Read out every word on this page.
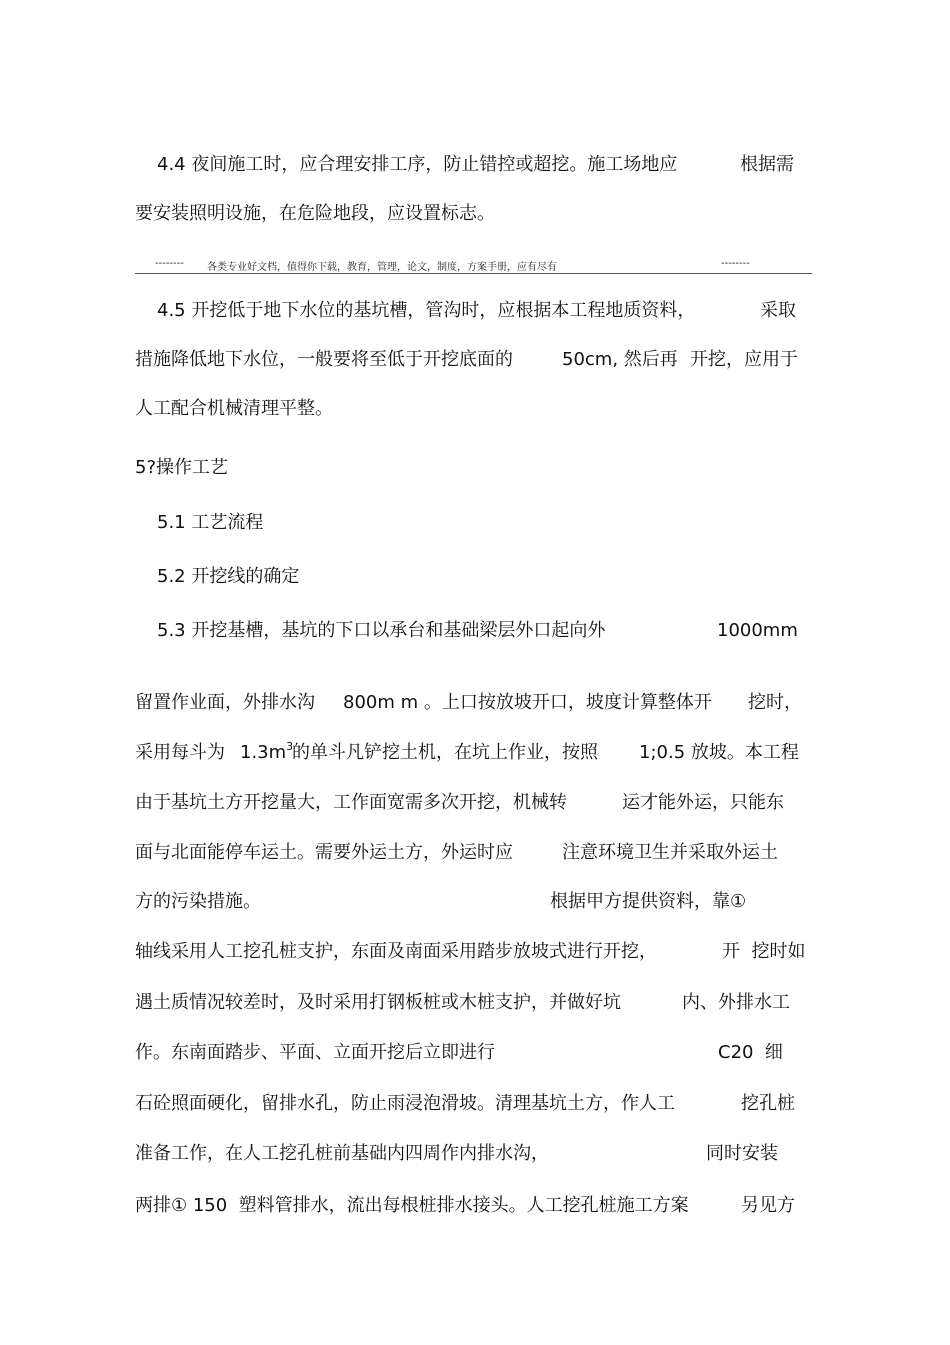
4.4 夜间施工时，应合理安排工序，防止错控或超挖。施工场地应	根据需
要安装照明设施，在危险地段，应设置标志。
-------- 各类专业好文档，值得你下载，教育，管理，论文，制度，方案手册，应有尽有	--------
4.5 开挖低于地下水位的基坑槽，管沟时，应根据本工程地质资料，	采取
措施降低地下水位，一般要将至低于开挖底面的	50cm, 然后再 开挖，应用于
人工配合机械清理平整。
5?操作工艺
5.1 工艺流程
5.2 开挖线的确定
5.3 开挖基槽，基坑的下口以承台和基础梁层外口起向外	1000mm
留置作业面，外排水沟 800m m 。上口按放坡开口，坡度计算整体开 挖时，
采用每斗为 $1.3m^3$
的单斗凡铲挖土机，在坑上作业，按照 1;0.5 放坡。本工程
由于基坑土方开挖量大，工作面宽需多次开挖，机械转	运才能外运，只能东
面与北面能停车运土。需要外运土方，外运时应	注意环境卫生并采取外运土
方的污染措施。	根据甲方提供资料，靠①
轴线采用人工挖孔桩支护，东面及南面采用踏步放坡式进行开挖，	开  挖时如
遇土质情况较差时，及时采用打钢板桩或木桩支护，并做好坑	内、外排水工
作。东南面踏步、平面、立面开挖后立即进行	C20  细
石砼照面硬化，留排水孔，防止雨浸泡滑坡。清理基坑土方，作人工	挖孔桩
准备工作，在人工挖孔桩前基础内四周作内排水沟，	同时安装
两排① 150  塑料管排水，流出每根桩排水接头。人工挖孔桩施工方案	另见方
